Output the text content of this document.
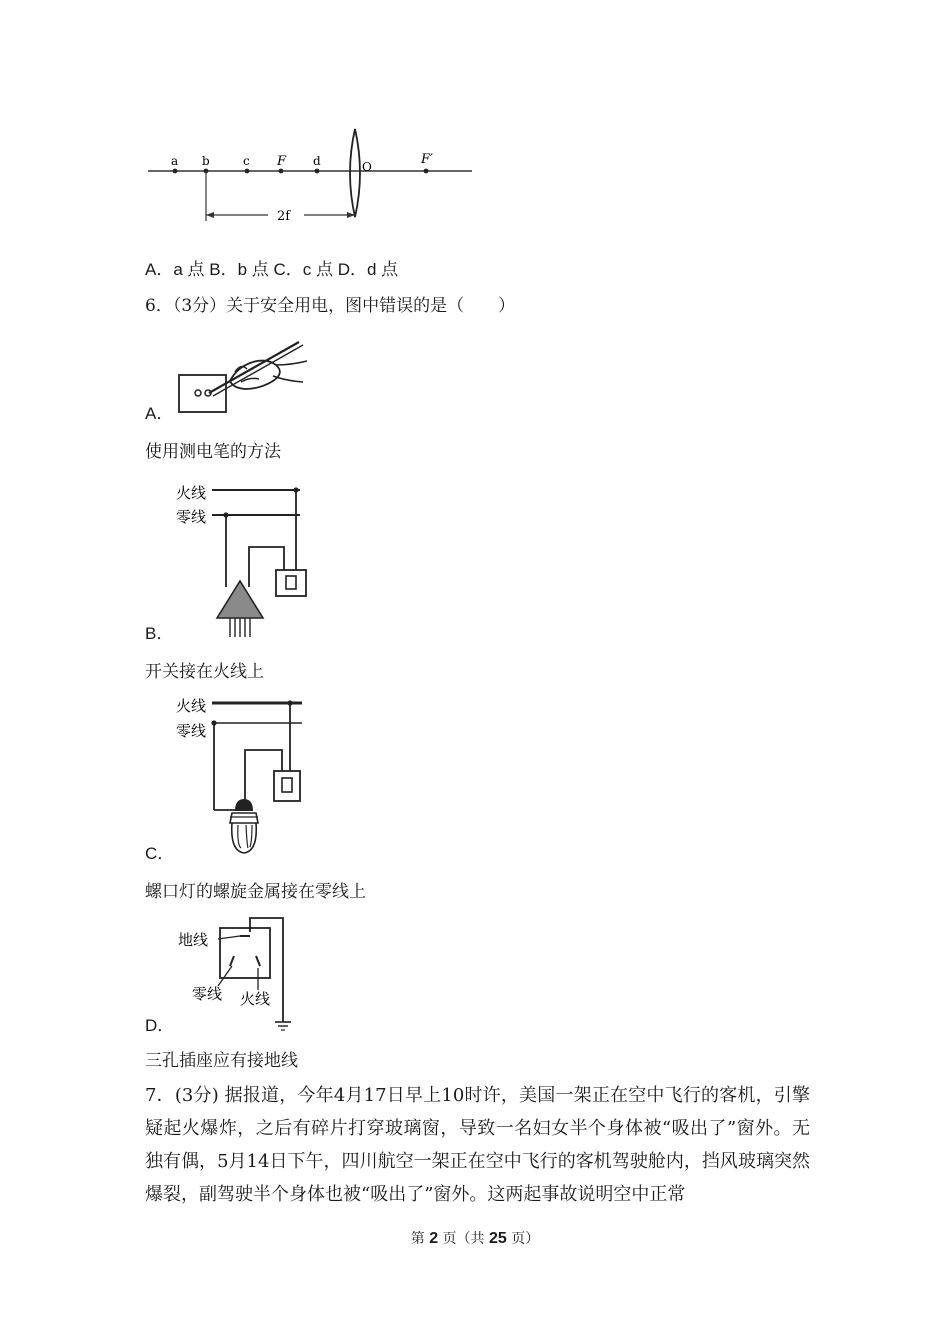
a b	c F d	O	F′
2f
A．a 点 B．b 点 C．c 点 D．d 点
6．（3分）关于安全用电，图中错误的是（　　）
A．
使用测电笔的方法
火线
零线
B．
开关接在火线上
火线
零线
C．
螺口灯的螺旋金属接在零线上
地线
零线 火线
D．
三孔插座应有接地线
7．(3分) 据报道，今年4月17日早上10时许，美国一架正在空中飞行的客机，引擎疑起火爆炸，之后有碎片打穿玻璃窗，导致一名妇女半个身体被“吸出了”窗外。无独有偶，5月14日下午，四川航空一架正在空中飞行的客机驾驶舱内，挡风玻璃突然爆裂，副驾驶半个身体也被“吸出了”窗外。这两起事故说明空中正常
第 2 页（共 25 页）
